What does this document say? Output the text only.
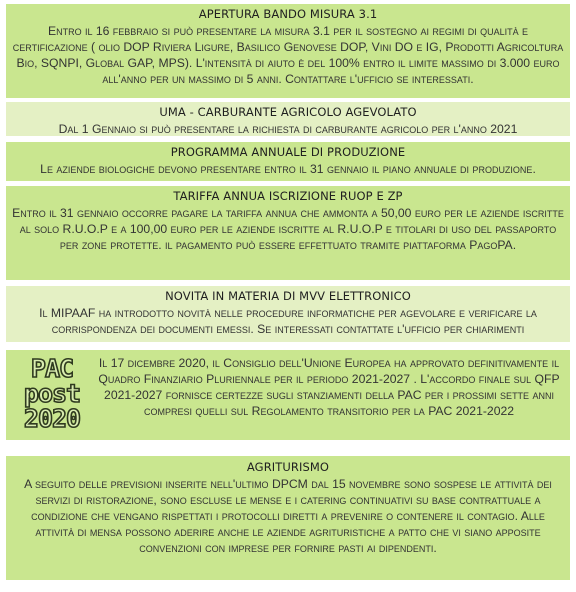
APERTURA BANDO MISURA 3.1
Entro il 16 febbraio si può presentare la misura 3.1 per il sostegno ai regimi di qualità e certificazione ( olio DOP Riviera Ligure, Basilico Genovese DOP, Vini DO e IG, Prodotti Agricoltura Bio, SQNPI, Global GAP, MPS). L'intensità di aiuto è del 100% entro il limite massimo di 3.000 euro all'anno per un massimo di 5 anni. Contattare l'ufficio se interessati.
UMA - CARBURANTE AGRICOLO AGEVOLATO
Dal 1 Gennaio si può presentare la richiesta di carburante agricolo per l'anno 2021
PROGRAMMA ANNUALE DI PRODUZIONE
Le aziende biologiche devono presentare entro il 31 gennaio il piano annuale di produzione.
TARIFFA ANNUA ISCRIZIONE RUOP E ZP
Entro il 31 gennaio occorre pagare la tariffa annua che ammonta a 50,00 euro per le aziende iscritte al solo R.U.O.P e a 100,00 euro per le aziende iscritte al R.U.O.P e titolari di uso del passaporto per zone protette. il pagamento può essere effettuato tramite piattaforma PagoPA.
NOVITA IN MATERIA DI MVV ELETTRONICO
Il MIPAAF ha introdotto novità nelle procedure informatiche per agevolare e verificare la corrispondenza dei documenti emessi. Se interessati contattate l'ufficio per chiarimenti
PAC
post
2020
Il 17 dicembre 2020, il Consiglio dell'Unione Europea ha approvato definitivamente il Quadro Finanziario Pluriennale per il periodo 2021-2027 . L'accordo finale sul QFP 2021-2027 fornisce certezze sugli stanziamenti della PAC per i prossimi sette anni compresi quelli sul Regolamento transitorio per la PAC 2021-2022
AGRITURISMO
A seguito delle previsioni inserite nell'ultimo DPCM dal 15 novembre sono sospese le attività dei servizi di ristorazione, sono escluse le mense e i catering continuativi su base contrattuale a condizione che vengano rispettati i protocolli diretti a prevenire o contenere il contagio. Alle attività di mensa possono aderire anche le aziende agrituristiche a patto che vi siano apposite convenzioni con imprese per fornire pasti ai dipendenti.
